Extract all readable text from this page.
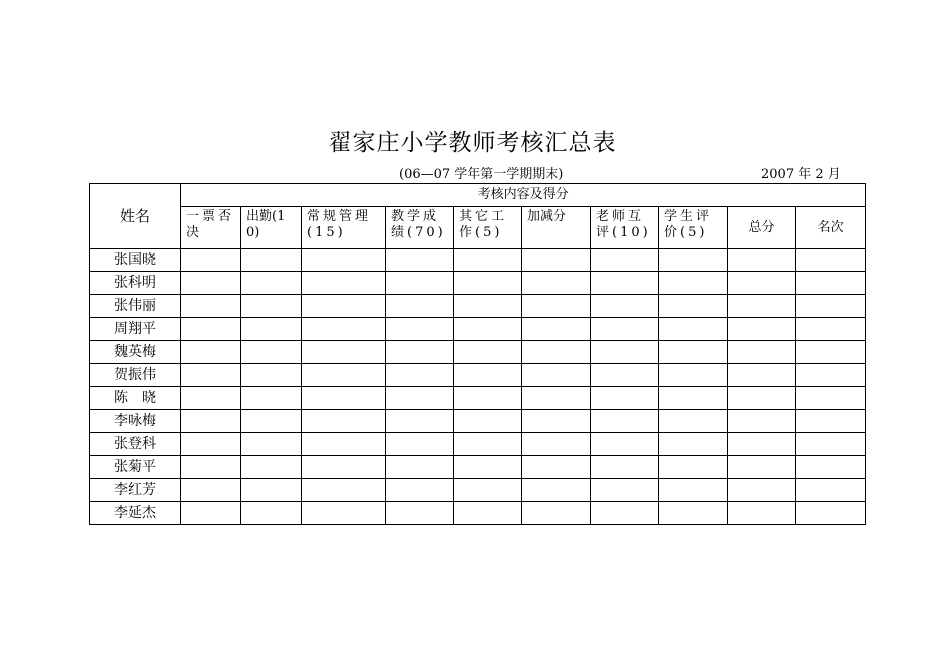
翟家庄小学教师考核汇总表
(06—07 学年第一学期期末)	2007 年 2 月
姓名	考核内容及得分									

	一票否决	出勤(10)	常规管理(15)	教学成绩(70)	其它工作(5)	加减分	老师互评(10)	学生评价(5)	总分	名次
张国晓										
张科明										
张伟丽										
周翔平										
魏英梅										
贺振伟										
陈　晓										
李咏梅										
张登科										
张菊平										
李红芳										
李延杰										
